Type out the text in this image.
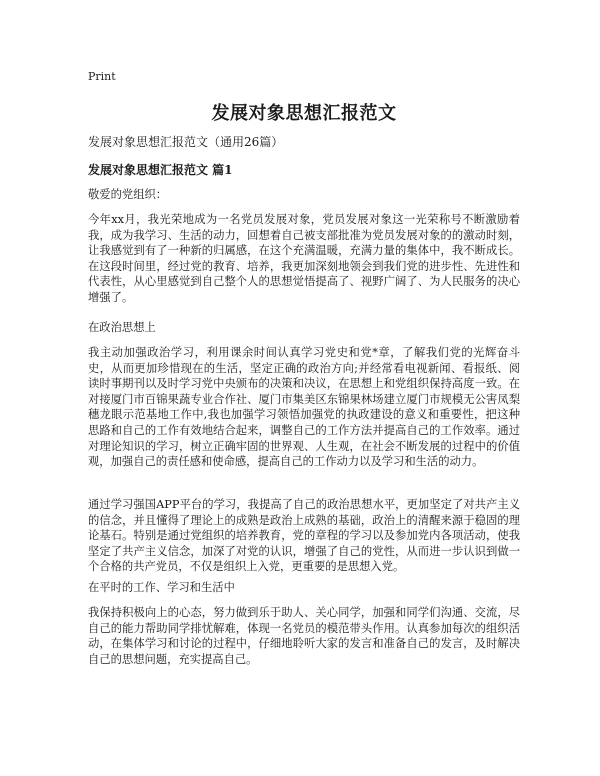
Print
发展对象思想汇报范文
发展对象思想汇报范文（通用26篇）
发展对象思想汇报范文 篇1

敬爱的党组织：

今年xx月，我光荣地成为一名党员发展对象，党员发展对象这一光荣称号不断激励着我，成为我学习、生活的动力，回想着自己被支部批准为党员发展对象的的激动时刻，让我感觉到有了一种新的归属感，在这个充满温暖，充满力量的集体中，我不断成长。在这段时间里，经过党的教育、培养，我更加深刻地领会到我们党的进步性、先进性和代表性，从心里感觉到自己整个人的思想觉悟提高了、视野广阔了、为人民服务的决心增强了。

在政治思想上

我主动加强政治学习，利用课余时间认真学习党史和党*章，了解我们党的光辉奋斗史，从而更加珍惜现在的生活，坚定正确的政治方向;并经常看电视新闻、看报纸、阅读时事期刊以及时学习党中央颁布的决策和决议，在思想上和党组织保持高度一致。在对接厦门市百锦果蔬专业合作社、厦门市集美区东锦果林场建立厦门市规模无公害凤梨穗龙眼示范基地工作中,我也加强学习领悟加强党的执政建设的意义和重要性，把这种思路和自己的工作有效地结合起来，调整自己的工作方法并提高自己的工作效率。通过对理论知识的学习，树立正确牢固的世界观、人生观，在社会不断发展的过程中的价值观，加强自己的责任感和使命感，提高自己的工作动力以及学习和生活的动力。

通过学习强国APP平台的学习，我提高了自己的政治思想水平，更加坚定了对共产主义的信念，并且懂得了理论上的成熟是政治上成熟的基础，政治上的清醒来源于稳固的理论基石。特别是通过党组织的培养教育，党的章程的学习以及参加党内各项活动，使我坚定了共产主义信念，加深了对党的认识，增强了自己的党性，从而进一步认识到做一个合格的共产党员，不仅是组织上入党，更重要的是思想入党。

在平时的工作、学习和生活中

我保持积极向上的心态，努力做到乐于助人、关心同学，加强和同学们沟通、交流，尽自己的能力帮助同学排忧解难，体现一名党员的模范带头作用。认真参加每次的组织活动，在集体学习和讨论的过程中，仔细地聆听大家的发言和准备自己的发言，及时解决自己的思想问题，充实提高自己。
